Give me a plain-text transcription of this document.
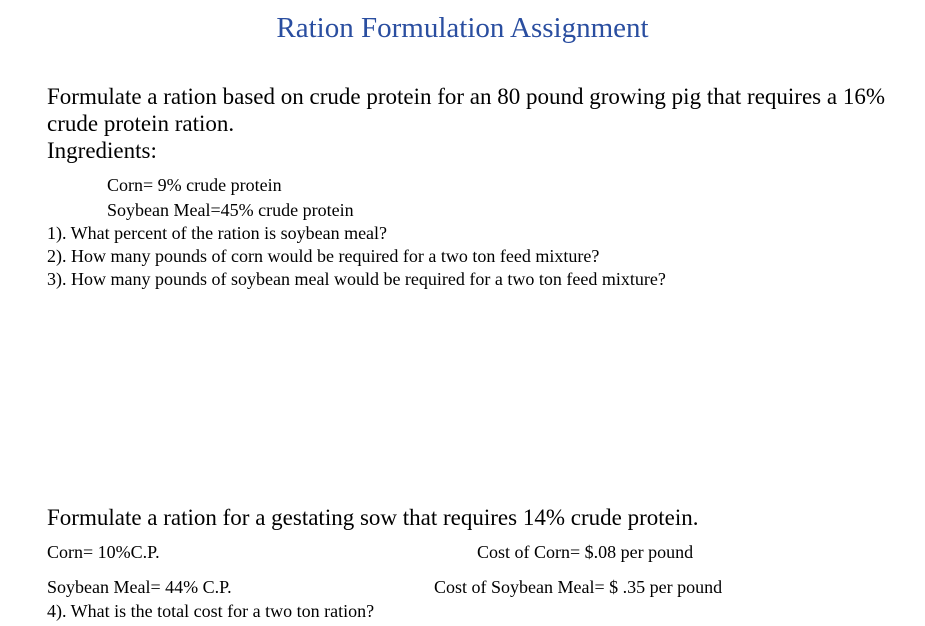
Ration Formulation Assignment
Formulate a ration based on crude protein for an 80 pound growing pig that requires a 16%
crude protein ration.
Ingredients:
Corn= 9% crude protein
Soybean Meal=45% crude protein
1). What percent of the ration is soybean meal?
2). How many pounds of corn would be required for a two ton feed mixture?
3). How many pounds of soybean meal would be required for a two ton feed mixture?
Formulate a ration for a gestating sow that requires 14% crude protein.
Corn= 10%C.P.	Cost of Corn= $.08 per pound
Soybean Meal= 44% C.P.	Cost of Soybean Meal= $ .35 per pound
4). What is the total cost for a two ton ration?
